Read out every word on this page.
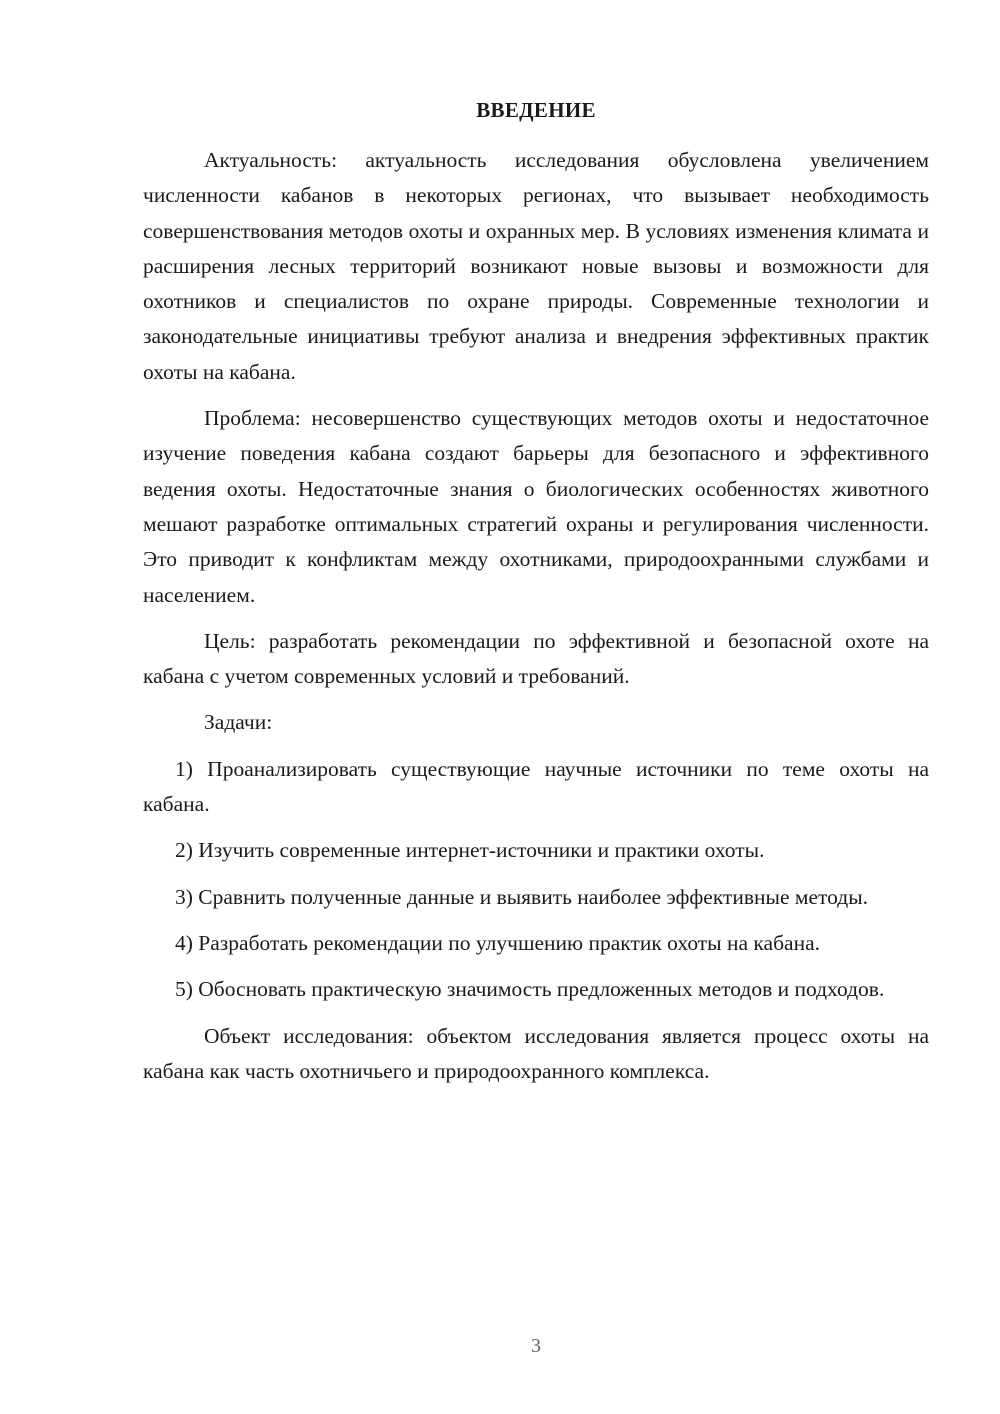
ВВЕДЕНИЕ

Актуальность: актуальность исследования обусловлена увеличением численности кабанов в некоторых регионах, что вызывает необходимость совершенствования методов охоты и охранных мер. В условиях изменения климата и расширения лесных территорий возникают новые вызовы и возможности для охотников и специалистов по охране природы. Современные технологии и законодательные инициативы требуют анализа и внедрения эффективных практик охоты на кабана.

Проблема: несовершенство существующих методов охоты и недостаточное изучение поведения кабана создают барьеры для безопасного и эффективного ведения охоты. Недостаточные знания о биологических особенностях животного мешают разработке оптимальных стратегий охраны и регулирования численности. Это приводит к конфликтам между охотниками, природоохранными службами и населением.

Цель: разработать рекомендации по эффективной и безопасной охоте на кабана с учетом современных условий и требований.

Задачи:

1) Проанализировать существующие научные источники по теме охоты на кабана.

2) Изучить современные интернет-источники и практики охоты.

3) Сравнить полученные данные и выявить наиболее эффективные методы.

4) Разработать рекомендации по улучшению практик охоты на кабана.

5) Обосновать практическую значимость предложенных методов и подходов.

Объект исследования: объектом исследования является процесс охоты на кабана как часть охотничьего и природоохранного комплекса.

3
